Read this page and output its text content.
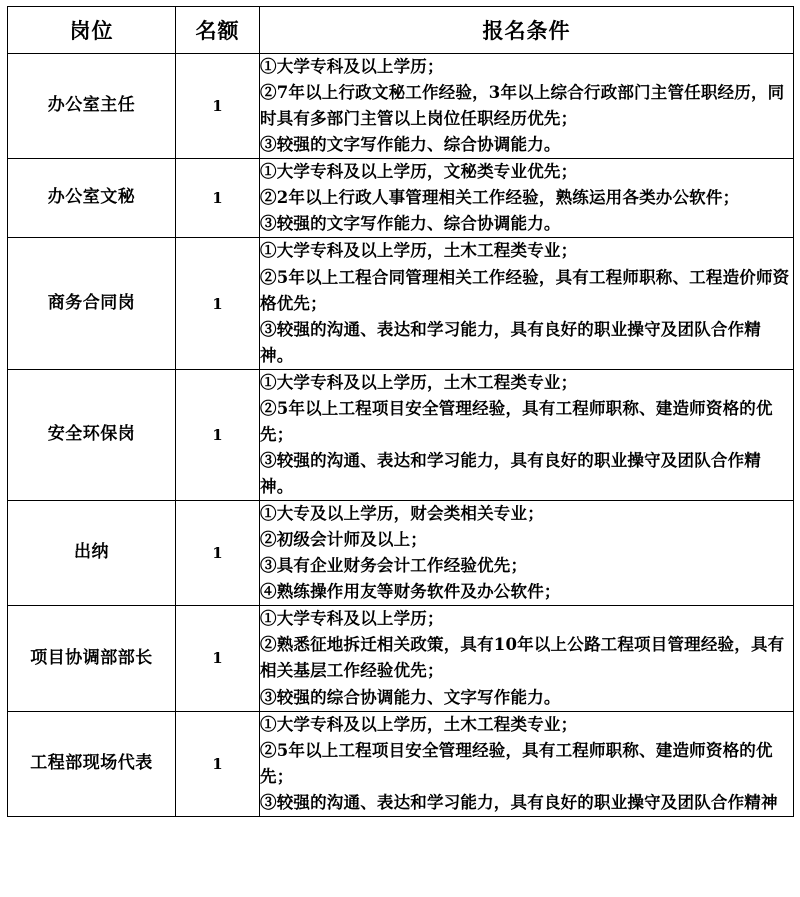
岗位	名额	报名条件
办公室主任	1	①大学专科及以上学历；
②7年以上行政文秘工作经验，3年以上综合行政部门主管任职经历，同时具有多部门主管以上岗位任职经历优先；
③较强的文字写作能力、综合协调能力。

办公室文秘	1	①大学专科及以上学历，文秘类专业优先；
②2年以上行政人事管理相关工作经验，熟练运用各类办公软件；
③较强的文字写作能力、综合协调能力。

商务合同岗	1	①大学专科及以上学历，土木工程类专业；
②5年以上工程合同管理相关工作经验，具有工程师职称、工程造价师资格优先；
③较强的沟通、表达和学习能力，具有良好的职业操守及团队合作精神。

安全环保岗	1	①大学专科及以上学历，土木工程类专业；
②5年以上工程项目安全管理经验，具有工程师职称、建造师资格的优先；
③较强的沟通、表达和学习能力，具有良好的职业操守及团队合作精神。

出纳	1	①大专及以上学历，财会类相关专业；
②初级会计师及以上；
③具有企业财务会计工作经验优先；
④熟练操作用友等财务软件及办公软件；

项目协调部部长	1	①大学专科及以上学历；
②熟悉征地拆迁相关政策，具有10年以上公路工程项目管理经验，具有相关基层工作经验优先；
③较强的综合协调能力、文字写作能力。

工程部现场代表	1	①大学专科及以上学历，土木工程类专业；
②5年以上工程项目安全管理经验，具有工程师职称、建造师资格的优先；
③较强的沟通、表达和学习能力，具有良好的职业操守及团队合作精神
